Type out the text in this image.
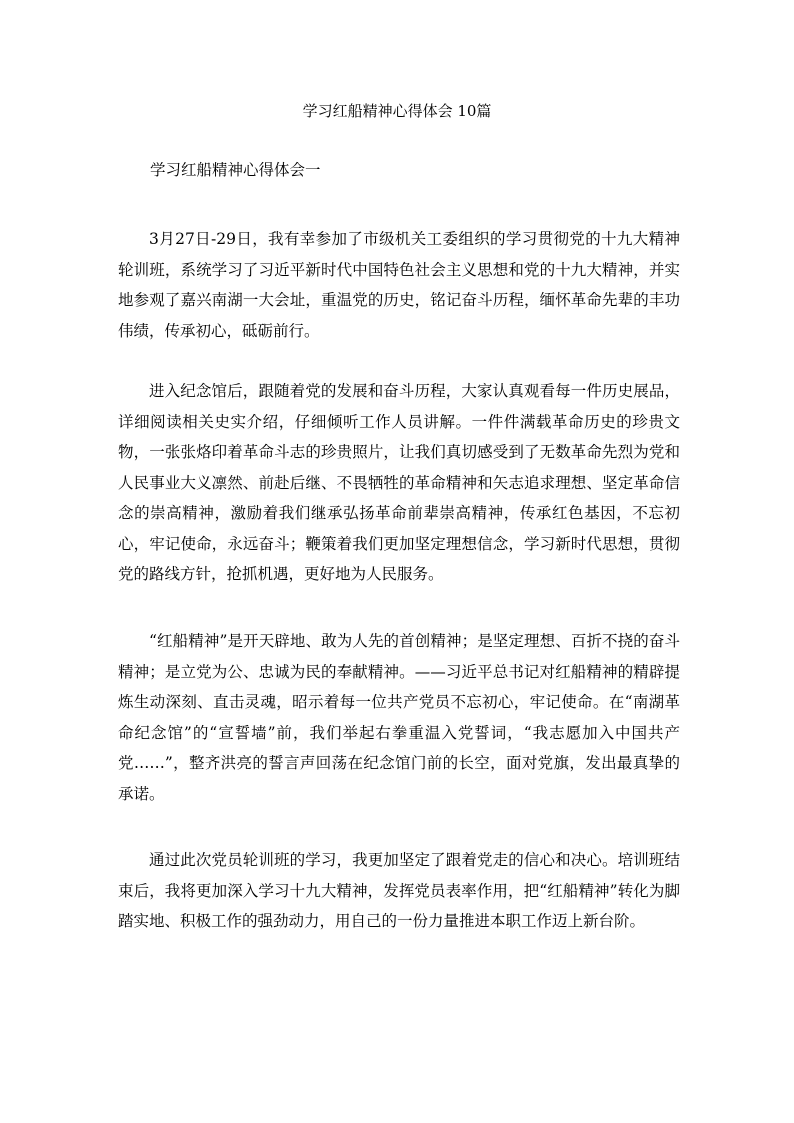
学习红船精神心得体会 10篇

学习红船精神心得体会一

3月27日-29日，我有幸参加了市级机关工委组织的学习贯彻党的十九大精神轮训班，系统学习了习近平新时代中国特色社会主义思想和党的十九大精神，并实地参观了嘉兴南湖一大会址，重温党的历史，铭记奋斗历程，缅怀革命先辈的丰功伟绩，传承初心，砥砺前行。

进入纪念馆后，跟随着党的发展和奋斗历程，大家认真观看每一件历史展品，详细阅读相关史实介绍，仔细倾听工作人员讲解。一件件满载革命历史的珍贵文物，一张张烙印着革命斗志的珍贵照片，让我们真切感受到了无数革命先烈为党和人民事业大义凛然、前赴后继、不畏牺牲的革命精神和矢志追求理想、坚定革命信念的崇高精神，激励着我们继承弘扬革命前辈崇高精神，传承红色基因，不忘初心，牢记使命，永远奋斗；鞭策着我们更加坚定理想信念，学习新时代思想，贯彻党的路线方针，抢抓机遇，更好地为人民服务。

“红船精神”是开天辟地、敢为人先的首创精神；是坚定理想、百折不挠的奋斗精神；是立党为公、忠诚为民的奉献精神。——习近平总书记对红船精神的精辟提炼生动深刻、直击灵魂，昭示着每一位共产党员不忘初心，牢记使命。在“南湖革命纪念馆”的“宣誓墙”前，我们举起右拳重温入党誓词，“我志愿加入中国共产党……”，整齐洪亮的誓言声回荡在纪念馆门前的长空，面对党旗，发出最真挚的承诺。

通过此次党员轮训班的学习，我更加坚定了跟着党走的信心和决心。培训班结束后，我将更加深入学习十九大精神，发挥党员表率作用，把“红船精神”转化为脚踏实地、积极工作的强劲动力，用自己的一份力量推进本职工作迈上新台阶。
